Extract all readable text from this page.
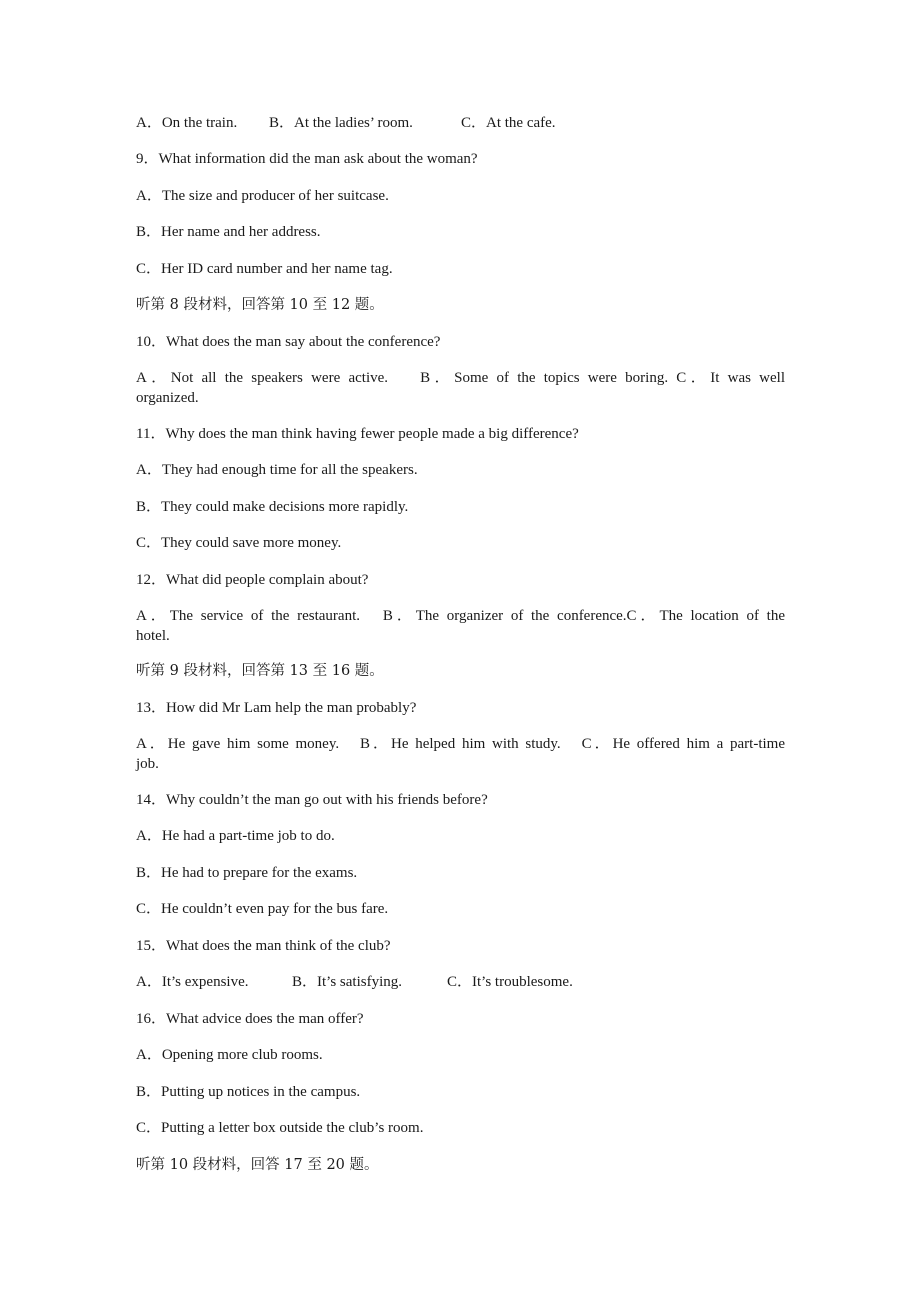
A．On the train. B．At the ladies’ room.	C．At the cafe.
9．What information did the man ask about the woman?
A．The size and producer of her suitcase.
B．Her name and her address.
C．Her ID card number and her name tag.
听第 8 段材料，回答第 10 至 12 题。
10．What does the man say about the conference?
A．Not all the speakers were active.　 B．Some of the topics were boring. C．It was well
organized.
11．Why does the man think having fewer people made a big difference?
A．They had enough time for all the speakers.
B．They could make decisions more rapidly.
C．They could save more money.
12．What did people complain about?
A．The service of the restaurant.　B．The organizer of the conference.C．The location of the
hotel.
听第 9 段材料，回答第 13 至 16 题。
13．How did Mr Lam help the man probably?
A．He gave him some money.　B．He helped him with study.　C．He offered him a part-time
job.
14．Why couldn’t the man go out with his friends before?
A．He had a part-time job to do.
B．He had to prepare for the exams.
C．He couldn’t even pay for the bus fare.
15．What does the man think of the club?
A．It’s expensive.	B．It’s satisfying.	C．It’s troublesome.
16．What advice does the man offer?
A．Opening more club rooms.
B．Putting up notices in the campus.
C．Putting a letter box outside the club’s room.
听第 10 段材料，回答 17 至 20 题。
